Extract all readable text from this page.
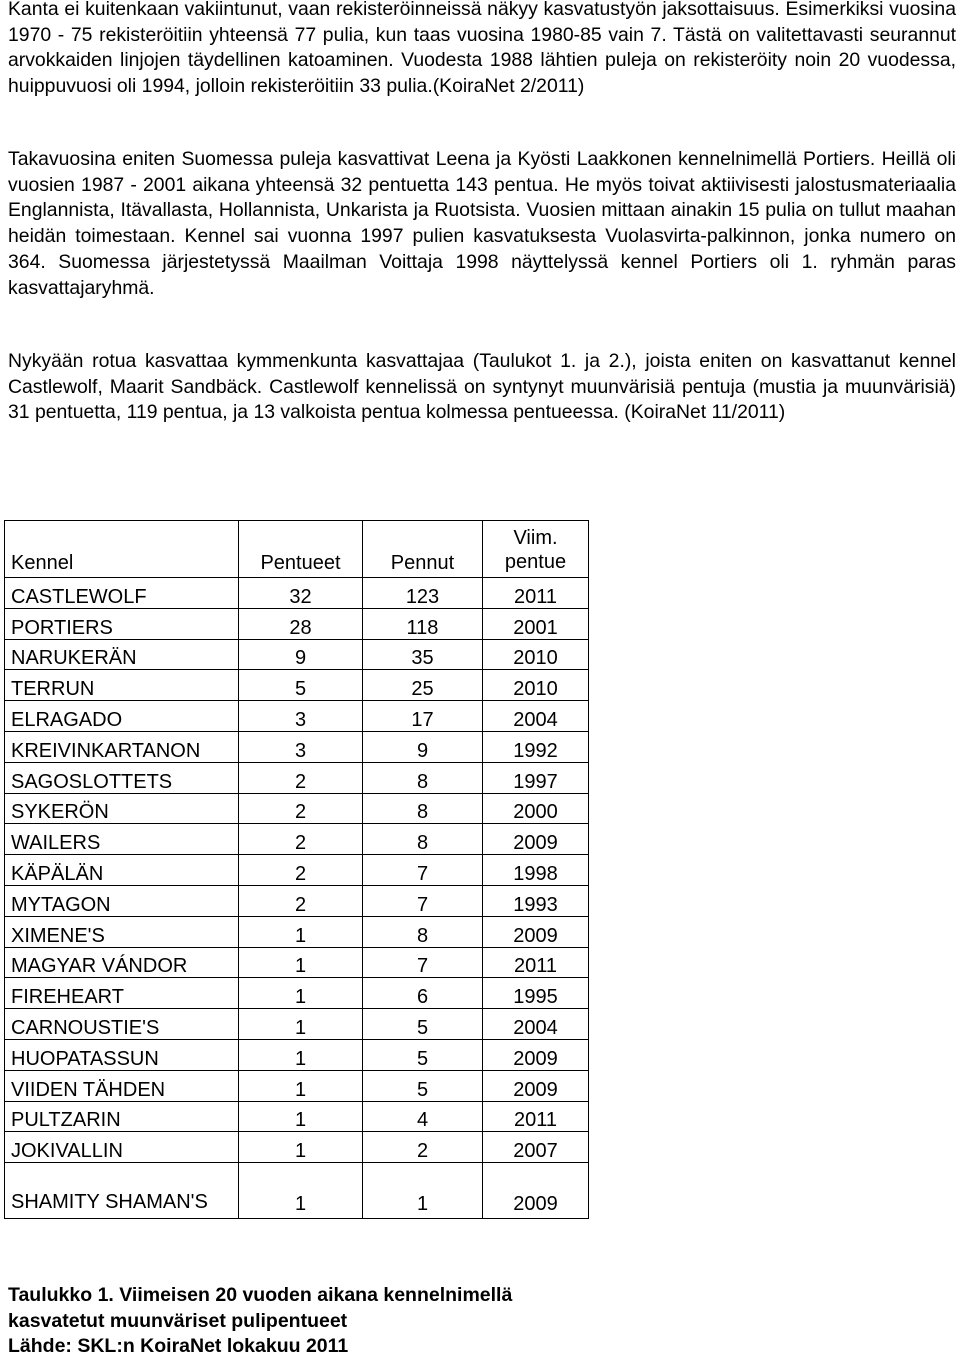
Kanta ei kuitenkaan vakiintunut, vaan rekisteröinneissä näkyy kasvatustyön jaksottaisuus. Esimerkiksi vuosina 1970 - 75 rekisteröitiin yhteensä 77 pulia, kun taas vuosina 1980-85 vain 7. Tästä on valitettavasti seurannut arvokkaiden linjojen täydellinen katoaminen. Vuodesta 1988 lähtien puleja on rekisteröity noin 20 vuodessa, huippuvuosi oli 1994, jolloin rekisteröitiin 33 pulia.(KoiraNet 2/2011)

Takavuosina eniten Suomessa puleja kasvattivat Leena ja Kyösti Laakkonen kennelnimellä Portiers. Heillä oli vuosien 1987 - 2001 aikana yhteensä 32 pentuetta 143 pentua. He myös toivat aktiivisesti jalostusmateriaalia Englannista, Itävallasta, Hollannista, Unkarista ja Ruotsista. Vuosien mittaan ainakin 15 pulia on tullut maahan heidän toimestaan. Kennel sai vuonna 1997 pulien kasvatuksesta Vuolasvirta-palkinnon, jonka numero on 364. Suomessa järjestetyssä Maailman Voittaja 1998 näyttelyssä kennel Portiers oli 1. ryhmän paras kasvattajaryhmä.

Nykyään rotua kasvattaa kymmenkunta kasvattajaa (Taulukot 1. ja 2.), joista eniten on kasvattanut kennel Castlewolf, Maarit Sandbäck. Castlewolf kennelissä on syntynyt muunvärisiä pentuja (mustia ja muunvärisiä) 31 pentuetta, 119 pentua, ja 13 valkoista pentua kolmessa pentueessa. (KoiraNet 11/2011)

Kennel	Pentueet	Pennut	Viim. pentue
CASTLEWOLF	32	123	2011
PORTIERS	28	118	2001
NARUKERÄN	9	35	2010
TERRUN	5	25	2010
ELRAGADO	3	17	2004
KREIVINKARTANON	3	9	1992
SAGOSLOTTETS	2	8	1997
SYKERÖN	2	8	2000
WAILERS	2	8	2009
KÄPÄLÄN	2	7	1998
MYTAGON	2	7	1993
XIMENE'S	1	8	2009
MAGYAR VÁNDOR	1	7	2011
FIREHEART	1	6	1995
CARNOUSTIE'S	1	5	2004
HUOPATASSUN	1	5	2009
VIIDEN TÄHDEN	1	5	2009
PULTZARIN	1	4	2011
JOKIVALLIN	1	2	2007
SHAMITY SHAMAN'S	1	1	2009
Taulukko 1. Viimeisen 20 vuoden aikana kennelnimellä
kasvatetut muunväriset pulipentueet
Lähde: SKL:n KoiraNet lokakuu 2011
